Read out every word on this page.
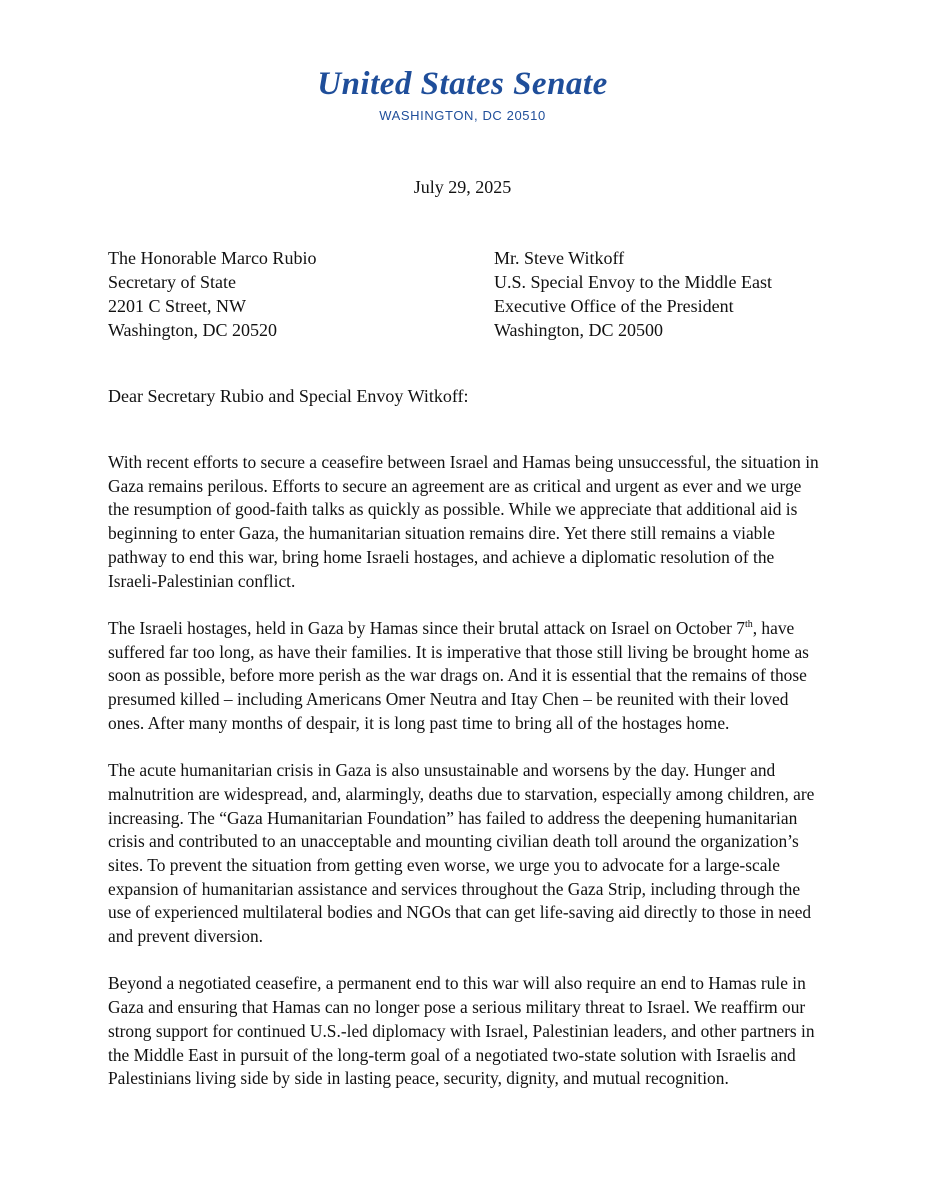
United States Senate
WASHINGTON, DC 20510
July 29, 2025
The Honorable Marco Rubio
Secretary of State
2201 C Street, NW
Washington, DC 20520
Mr. Steve Witkoff
U.S. Special Envoy to the Middle East
Executive Office of the President
Washington, DC 20500
Dear Secretary Rubio and Special Envoy Witkoff:

With recent efforts to secure a ceasefire between Israel and Hamas being unsuccessful, the situation in Gaza remains perilous. Efforts to secure an agreement are as critical and urgent as ever and we urge the resumption of good-faith talks as quickly as possible. While we appreciate that additional aid is beginning to enter Gaza, the humanitarian situation remains dire. Yet there still remains a viable pathway to end this war, bring home Israeli hostages, and achieve a diplomatic resolution of the Israeli-Palestinian conflict.

The Israeli hostages, held in Gaza by Hamas since their brutal attack on Israel on October 7th, have suffered far too long, as have their families. It is imperative that those still living be brought home as soon as possible, before more perish as the war drags on. And it is essential that the remains of those presumed killed – including Americans Omer Neutra and Itay Chen – be reunited with their loved ones. After many months of despair, it is long past time to bring all of the hostages home.

The acute humanitarian crisis in Gaza is also unsustainable and worsens by the day. Hunger and malnutrition are widespread, and, alarmingly, deaths due to starvation, especially among children, are increasing. The “Gaza Humanitarian Foundation” has failed to address the deepening humanitarian crisis and contributed to an unacceptable and mounting civilian death toll around the organization’s sites. To prevent the situation from getting even worse, we urge you to advocate for a large-scale expansion of humanitarian assistance and services throughout the Gaza Strip, including through the use of experienced multilateral bodies and NGOs that can get life-saving aid directly to those in need and prevent diversion.

Beyond a negotiated ceasefire, a permanent end to this war will also require an end to Hamas rule in Gaza and ensuring that Hamas can no longer pose a serious military threat to Israel. We reaffirm our strong support for continued U.S.-led diplomacy with Israel, Palestinian leaders, and other partners in the Middle East in pursuit of the long-term goal of a negotiated two-state solution with Israelis and Palestinians living side by side in lasting peace, security, dignity, and mutual recognition.
